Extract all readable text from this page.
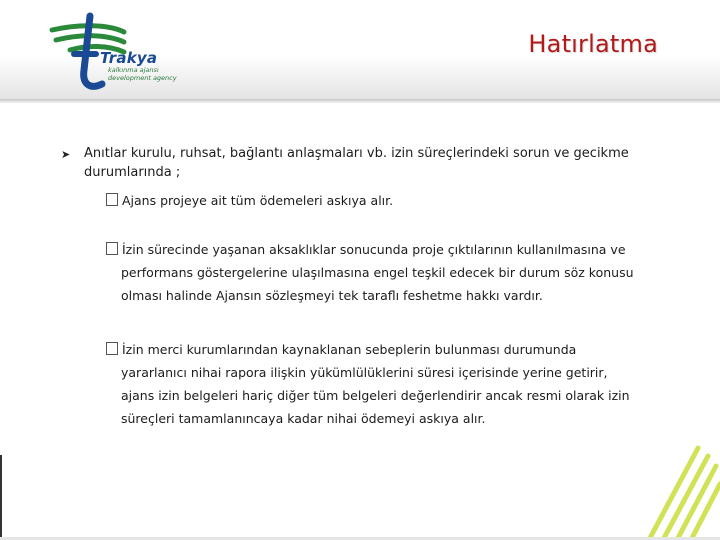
Trakya
kalkınma ajansı
development agency
Hatırlatma
➤ Anıtlar kurulu, ruhsat, bağlantı anlaşmaları vb. izin süreçlerindeki sorun ve gecikme durumlarında ;
Ajans projeye ait tüm ödemeleri askıya alır.
İzin sürecinde yaşanan aksaklıklar sonucunda proje çıktılarının kullanılmasına ve
performans göstergelerine ulaşılmasına engel teşkil edecek bir durum söz konusu
olması halinde Ajansın sözleşmeyi tek taraflı feshetme hakkı vardır.
İzin merci kurumlarından kaynaklanan sebeplerin bulunması durumunda
yararlanıcı nihai rapora ilişkin yükümlülüklerini süresi içerisinde yerine getirir,
ajans izin belgeleri hariç diğer tüm belgeleri değerlendirir ancak resmi olarak izin
süreçleri tamamlanıncaya kadar nihai ödemeyi askıya alır.
